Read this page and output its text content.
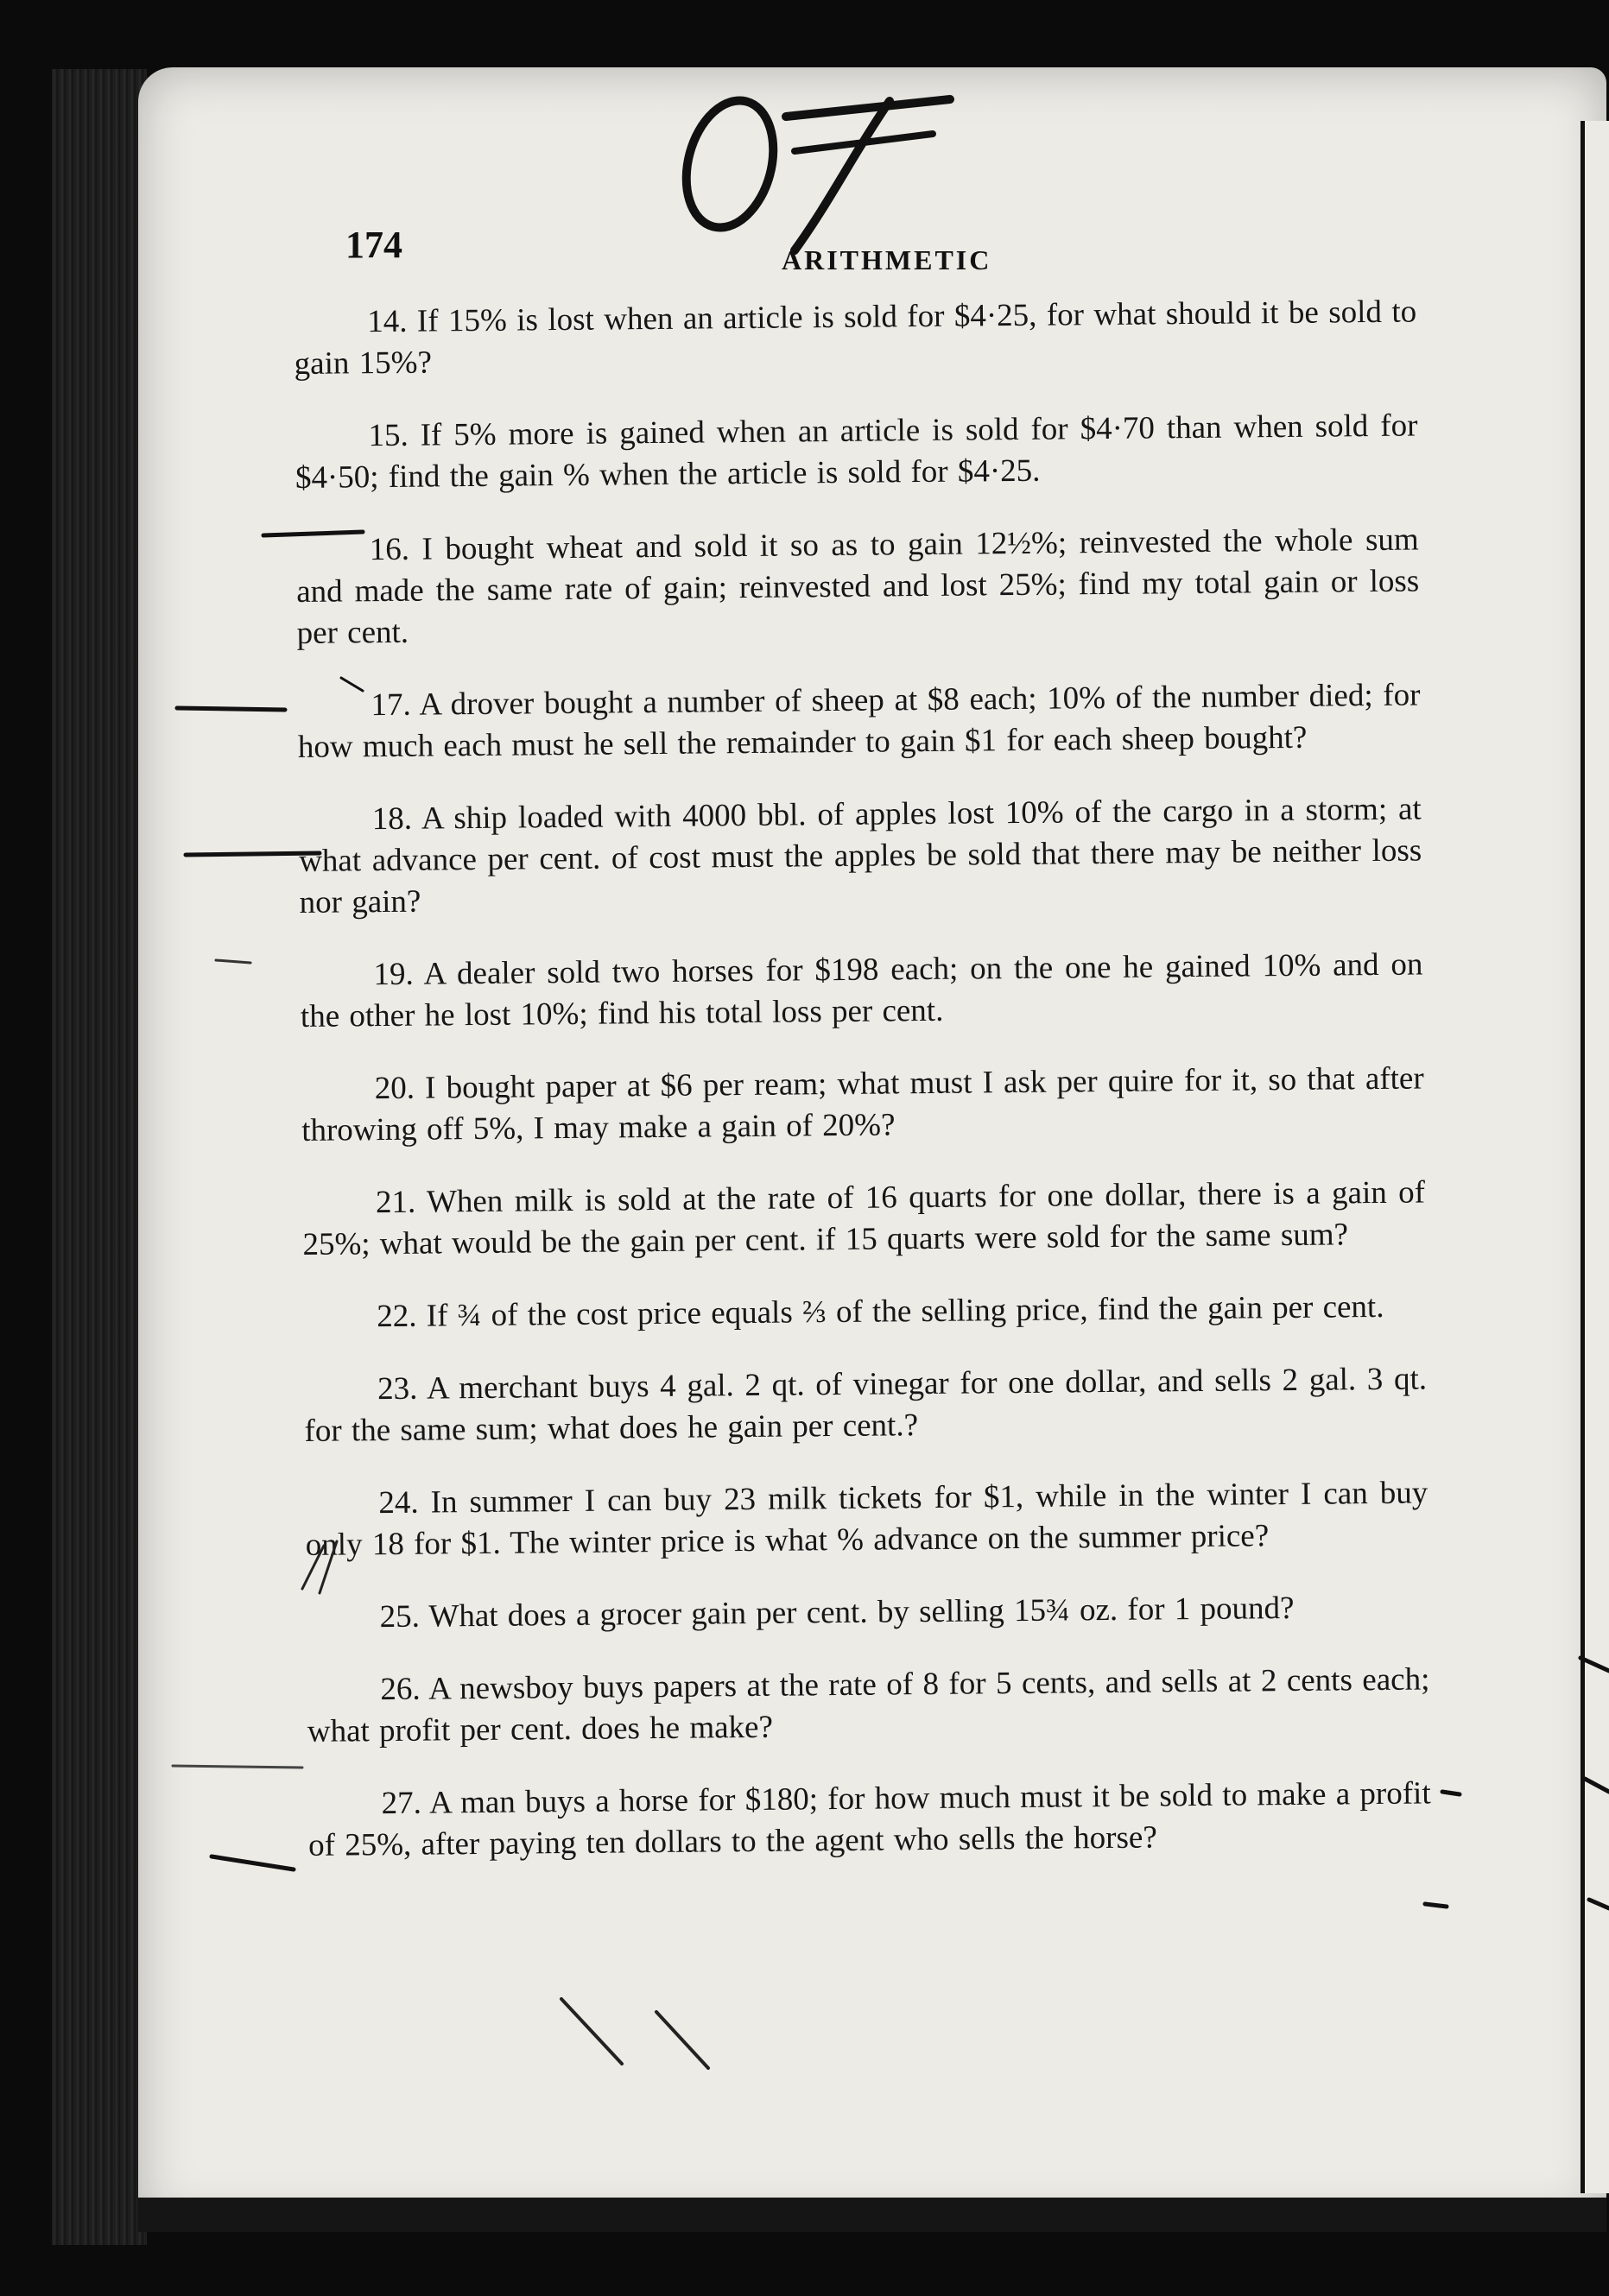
174	ARITHMETIC

14. If 15% is lost when an article is sold for $4·25, for what should it be sold to gain 15%?

15. If 5% more is gained when an article is sold for $4·70 than when sold for $4·50; find the gain % when the article is sold for $4·25.

16. I bought wheat and sold it so as to gain 12½%; reinvested the whole sum and made the same rate of gain; reinvested and lost 25%; find my total gain or loss per cent.

17. A drover bought a number of sheep at $8 each; 10% of the number died; for how much each must he sell the remainder to gain $1 for each sheep bought?

18. A ship loaded with 4000 bbl. of apples lost 10% of the cargo in a storm; at what advance per cent. of cost must the apples be sold that there may be neither loss nor gain?

19. A dealer sold two horses for $198 each; on the one he gained 10% and on the other he lost 10%; find his total loss per cent.

20. I bought paper at $6 per ream; what must I ask per quire for it, so that after throwing off 5%, I may make a gain of 20%?

21. When milk is sold at the rate of 16 quarts for one dollar, there is a gain of 25%; what would be the gain per cent. if 15 quarts were sold for the same sum?

22. If ¾ of the cost price equals ⅔ of the selling price, find the gain per cent.

23. A merchant buys 4 gal. 2 qt. of vinegar for one dollar, and sells 2 gal. 3 qt. for the same sum; what does he gain per cent.?

24. In summer I can buy 23 milk tickets for $1, while in the winter I can buy only 18 for $1. The winter price is what % advance on the summer price?

25. What does a grocer gain per cent. by selling 15¾ oz. for 1 pound?

26. A newsboy buys papers at the rate of 8 for 5 cents, and sells at 2 cents each; what profit per cent. does he make?

27. A man buys a horse for $180; for how much must it be sold to make a profit of 25%, after paying ten dollars to the agent who sells the horse?
